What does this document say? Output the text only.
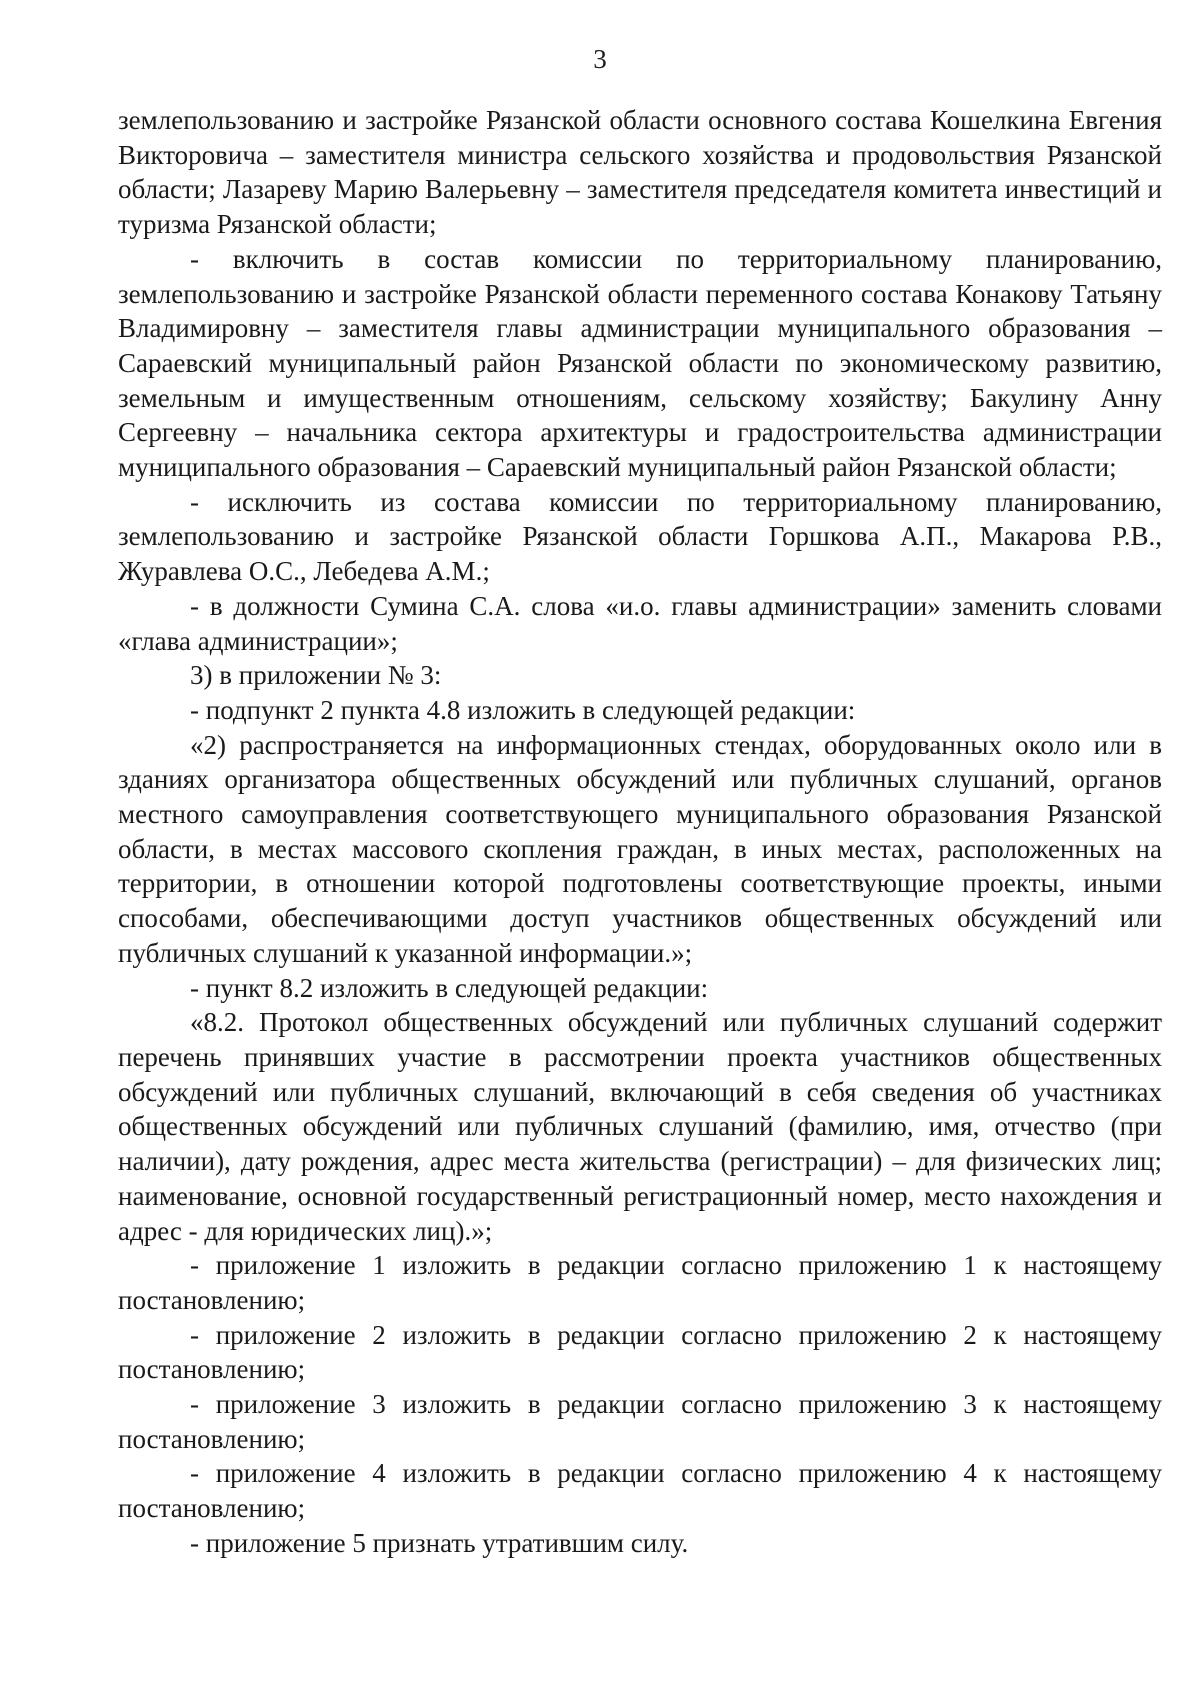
3

землепользованию и застройке Рязанской области основного состава Кошелкина Евгения Викторовича – заместителя министра сельского хозяйства и продовольствия Рязанской области; Лазареву Марию Валерьевну – заместителя председателя комитета инвестиций и туризма Рязанской области;

- включить в состав комиссии по территориальному планированию, землепользованию и застройке Рязанской области переменного состава Конакову Татьяну Владимировну – заместителя главы администрации муниципального образования – Сараевский муниципальный район Рязанской области по экономическому развитию, земельным и имущественным отношениям, сельскому хозяйству; Бакулину Анну Сергеевну – начальника сектора архитектуры и градостроительства администрации муниципального образования – Сараевский муниципальный район Рязанской области;

- исключить из состава комиссии по территориальному планированию, землепользованию и застройке Рязанской области Горшкова А.П., Макарова Р.В., Журавлева О.С., Лебедева А.М.;

- в должности Сумина С.А. слова «и.о. главы администрации» заменить словами «глава администрации»;

3) в приложении № 3:

- подпункт 2 пункта 4.8 изложить в следующей редакции:

«2) распространяется на информационных стендах, оборудованных около или в зданиях организатора общественных обсуждений или публичных слушаний, органов местного самоуправления соответствующего муниципального образования Рязанской области, в местах массового скопления граждан, в иных местах, расположенных на территории, в отношении которой подготовлены соответствующие проекты, иными способами, обеспечивающими доступ участников общественных обсуждений или публичных слушаний к указанной информации.»;

- пункт 8.2 изложить в следующей редакции:

«8.2. Протокол общественных обсуждений или публичных слушаний содержит перечень принявших участие в рассмотрении проекта участников общественных обсуждений или публичных слушаний, включающий в себя сведения об участниках общественных обсуждений или публичных слушаний (фамилию, имя, отчество (при наличии), дату рождения, адрес места жительства (регистрации) – для физических лиц; наименование, основной государственный регистрационный номер, место нахождения и адрес - для юридических лиц).»;

- приложение 1 изложить в редакции согласно приложению 1 к настоящему постановлению;

- приложение 2 изложить в редакции согласно приложению 2 к настоящему постановлению;

- приложение 3 изложить в редакции согласно приложению 3 к настоящему постановлению;

- приложение 4 изложить в редакции согласно приложению 4 к настоящему постановлению;

- приложение 5 признать утратившим силу.
